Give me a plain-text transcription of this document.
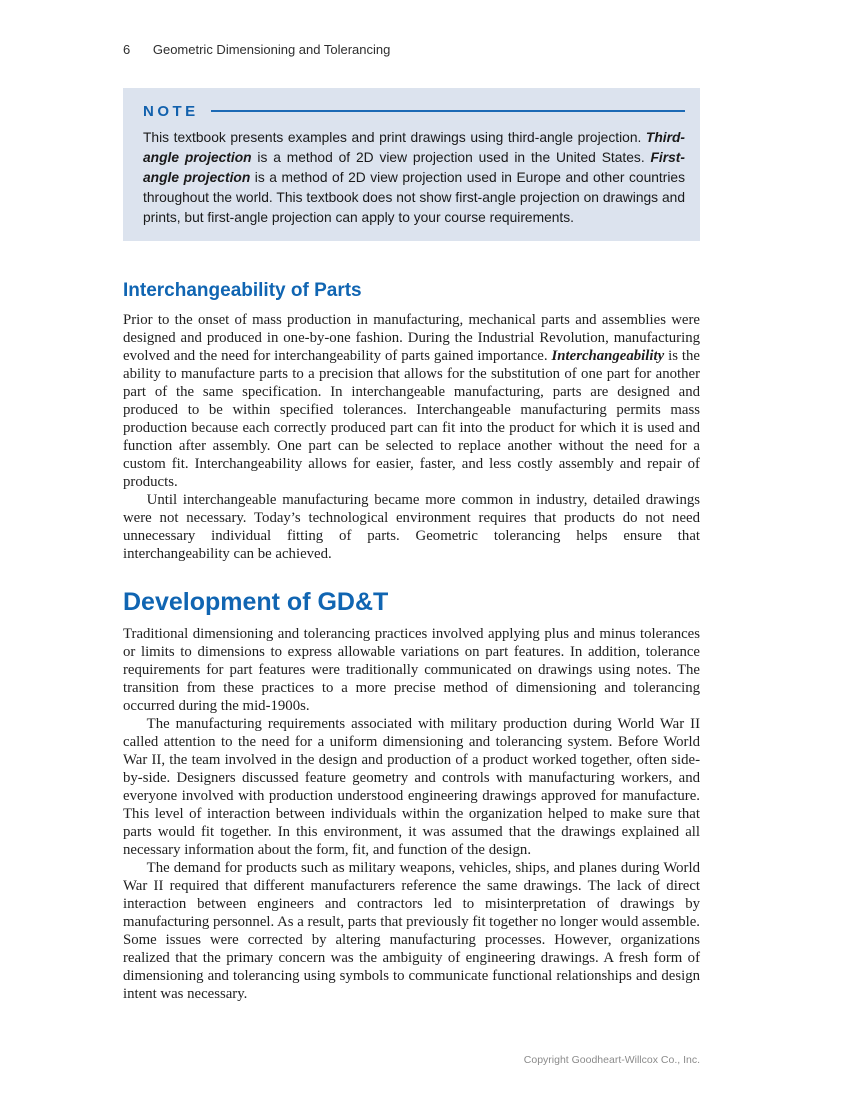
6 Geometric Dimensioning and Tolerancing
NOTE

This textbook presents examples and print drawings using third-angle projection. Third-angle projection is a method of 2D view projection used in the United States. First-angle projection is a method of 2D view projection used in Europe and other countries throughout the world. This textbook does not show first-angle projection on drawings and prints, but first-angle projection can apply to your course requirements.

Interchangeability of Parts

Prior to the onset of mass production in manufacturing, mechanical parts and assemblies were designed and produced in one-by-one fashion. During the Industrial Revolution, manufacturing evolved and the need for interchangeability of parts gained importance. Interchangeability is the ability to manufacture parts to a precision that allows for the substitution of one part for another part of the same specification. In interchangeable manufacturing, parts are designed and produced to be within specified tolerances. Interchangeable manufacturing permits mass production because each correctly produced part can fit into the product for which it is used and function after assembly. One part can be selected to replace another without the need for a custom fit. Interchangeability allows for easier, faster, and less costly assembly and repair of products.

Until interchangeable manufacturing became more common in industry, detailed drawings were not necessary. Today’s technological environment requires that products do not need unnecessary individual fitting of parts. Geometric tolerancing helps ensure that interchangeability can be achieved.

Development of GD&T

Traditional dimensioning and tolerancing practices involved applying plus and minus tolerances or limits to dimensions to express allowable variations on part features. In addition, tolerance requirements for part features were traditionally communicated on drawings using notes. The transition from these practices to a more precise method of dimensioning and tolerancing occurred during the mid-1900s.

The manufacturing requirements associated with military production during World War II called attention to the need for a uniform dimensioning and tolerancing system. Before World War II, the team involved in the design and production of a product worked together, often side-by-side. Designers discussed feature geometry and controls with manufacturing workers, and everyone involved with production understood engineering drawings approved for manufacture. This level of interaction between individuals within the organization helped to make sure that parts would fit together. In this environment, it was assumed that the drawings explained all necessary information about the form, fit, and function of the design.

The demand for products such as military weapons, vehicles, ships, and planes during World War II required that different manufacturers reference the same drawings. The lack of direct interaction between engineers and contractors led to misinterpretation of drawings by manufacturing personnel. As a result, parts that previously fit together no longer would assemble. Some issues were corrected by altering manufacturing processes. However, organizations realized that the primary concern was the ambiguity of engineering drawings. A fresh form of dimensioning and tolerancing using symbols to communicate functional relationships and design intent was necessary.

Copyright Goodheart-Willcox Co., Inc.
